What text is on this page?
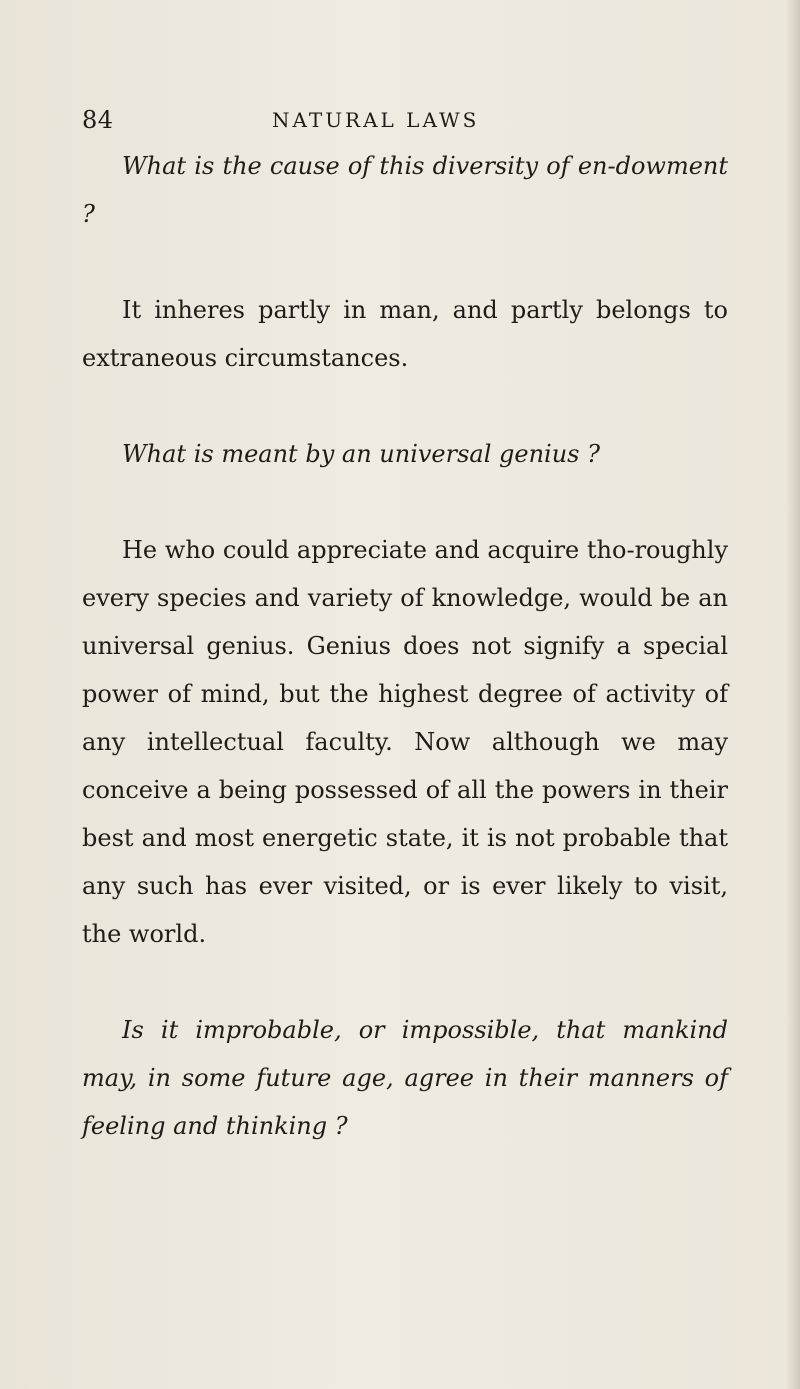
84	NATURAL LAWS

What is the cause of this diversity of en-dowment ?

It inheres partly in man, and partly belongs to extraneous circumstances.

What is meant by an universal genius ?

He who could appreciate and acquire tho-roughly every species and variety of knowledge, would be an universal genius. Genius does not signify a special power of mind, but the highest degree of activity of any intellectual faculty. Now although we may conceive a being possessed of all the powers in their best and most energetic state, it is not probable that any such has ever visited, or is ever likely to visit, the world.

Is it improbable, or impossible, that mankind may, in some future age, agree in their manners of feeling and thinking ?
